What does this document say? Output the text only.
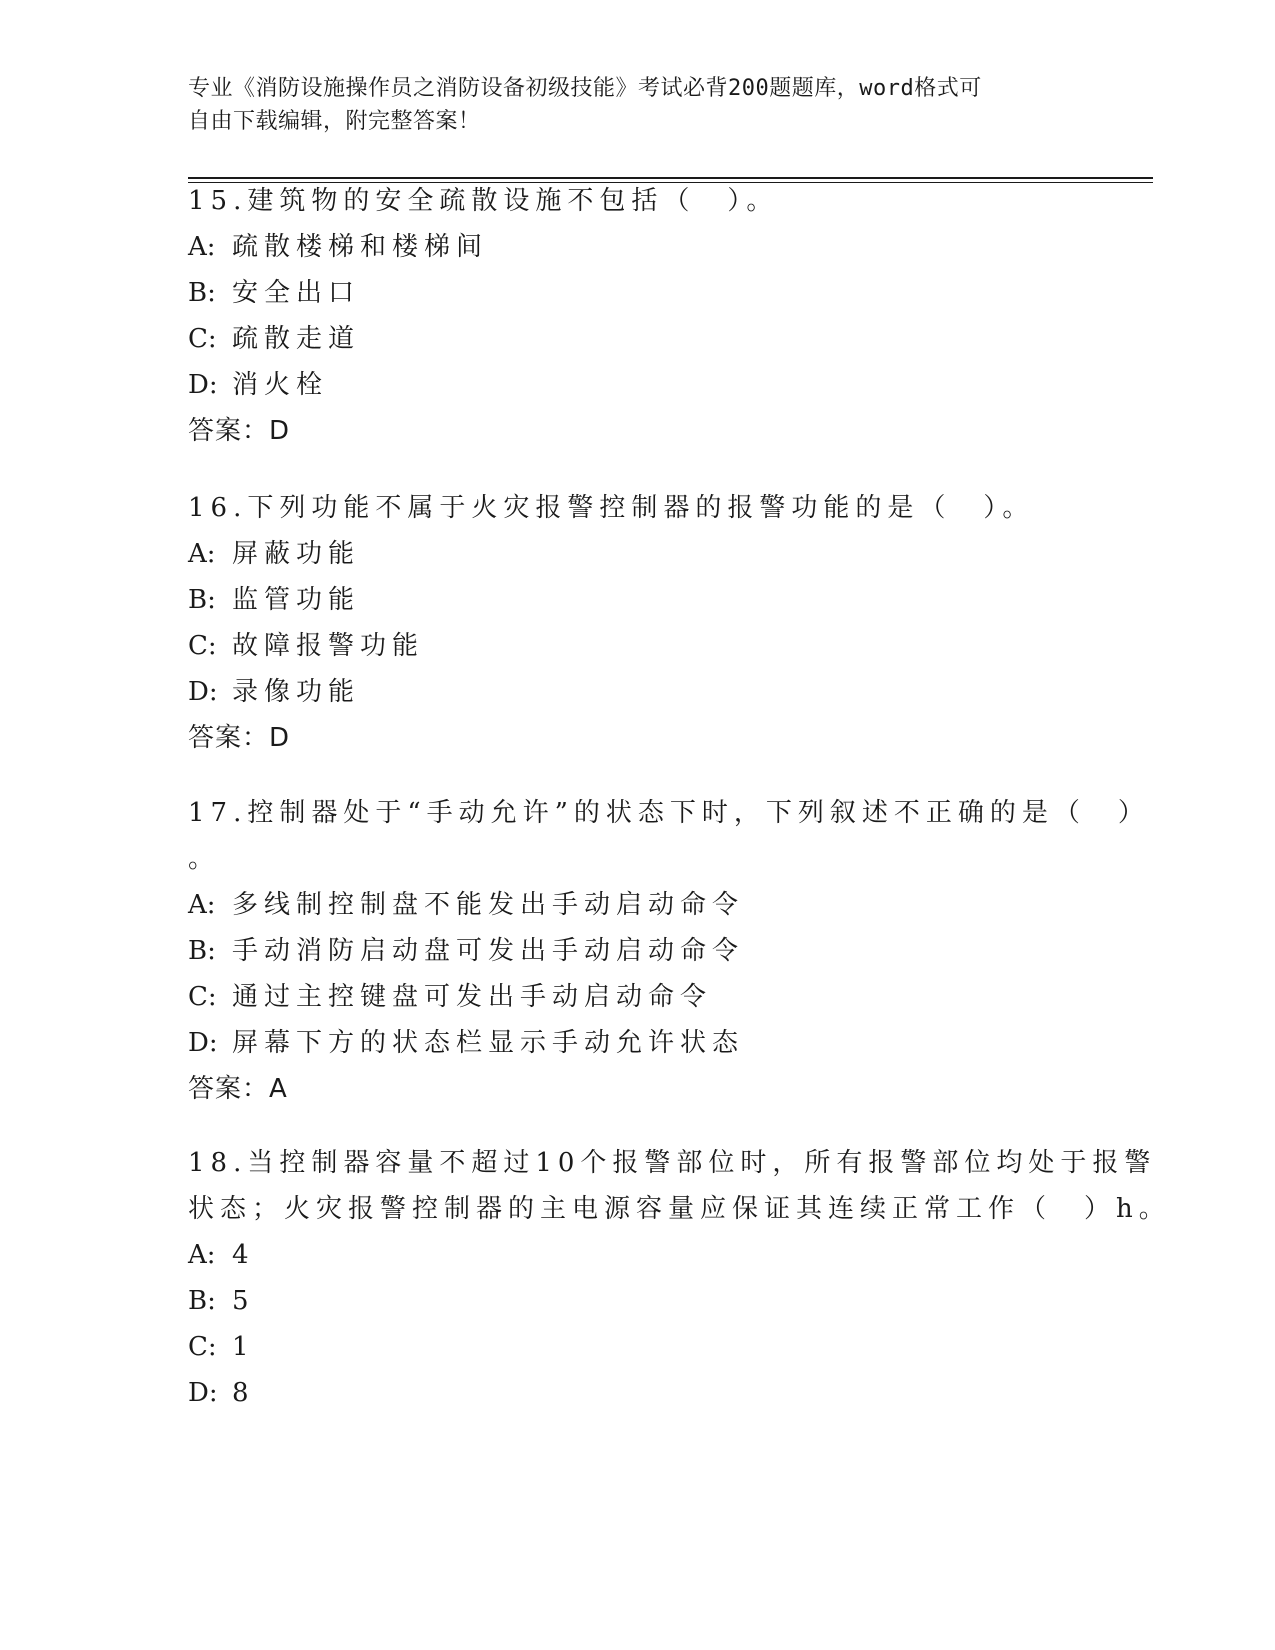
专业《消防设施操作员之消防设备初级技能》考试必背200题题库，word格式可
自由下载编辑，附完整答案！
15.建筑物的安全疏散设施不包括（　）。
A: 疏散楼梯和楼梯间
B: 安全出口
C: 疏散走道
D: 消火栓
答案：D
16.下列功能不属于火灾报警控制器的报警功能的是（　）。
A: 屏蔽功能
B: 监管功能
C: 故障报警功能
D: 录像功能
答案：D
17.控制器处于“手动允许”的状态下时，下列叙述不正确的是（　）
。
A: 多线制控制盘不能发出手动启动命令
B: 手动消防启动盘可发出手动启动命令
C: 通过主控键盘可发出手动启动命令
D: 屏幕下方的状态栏显示手动允许状态
答案：A
18.当控制器容量不超过10个报警部位时，所有报警部位均处于报警
状态；火灾报警控制器的主电源容量应保证其连续正常工作（　）h。
A: 4
B: 5
C: 1
D: 8
